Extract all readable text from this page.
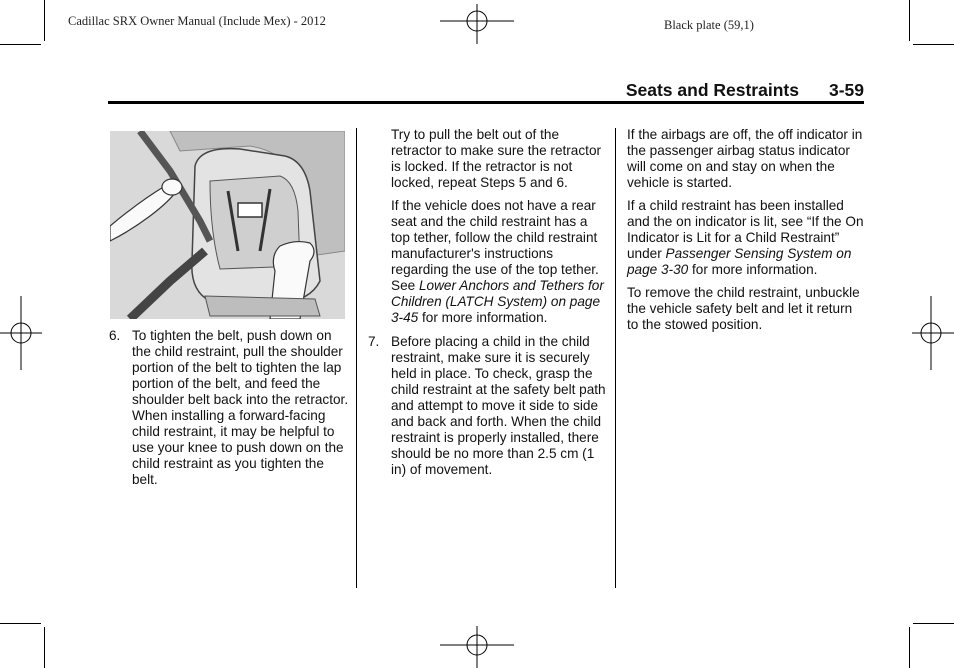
Cadillac SRX Owner Manual (Include Mex) - 2012	Black plate (59,1)
Seats and Restraints 3-59
6. To tighten the belt, push down on the child restraint, pull the shoulder portion of the belt to tighten the lap portion of the belt, and feed the shoulder belt back into the retractor. When installing a forward-facing child restraint, it may be helpful to use your knee to push down on the child restraint as you tighten the belt.

Try to pull the belt out of the retractor to make sure the retractor is locked. If the retractor is not locked, repeat Steps 5 and 6.

If the vehicle does not have a rear seat and the child restraint has a top tether, follow the child restraint manufacturer's instructions regarding the use of the top tether. See Lower Anchors and Tethers for Children (LATCH System) on page 3-45 for more information.

7. Before placing a child in the child restraint, make sure it is securely held in place. To check, grasp the child restraint at the safety belt path and attempt to move it side to side and back and forth. When the child restraint is properly installed, there should be no more than 2.5 cm (1 in) of movement.

If the airbags are off, the off indicator in the passenger airbag status indicator will come on and stay on when the vehicle is started.

If a child restraint has been installed and the on indicator is lit, see “If the On Indicator is Lit for a Child Restraint” under Passenger Sensing System on page 3-30 for more information.

To remove the child restraint, unbuckle the vehicle safety belt and let it return to the stowed position.
